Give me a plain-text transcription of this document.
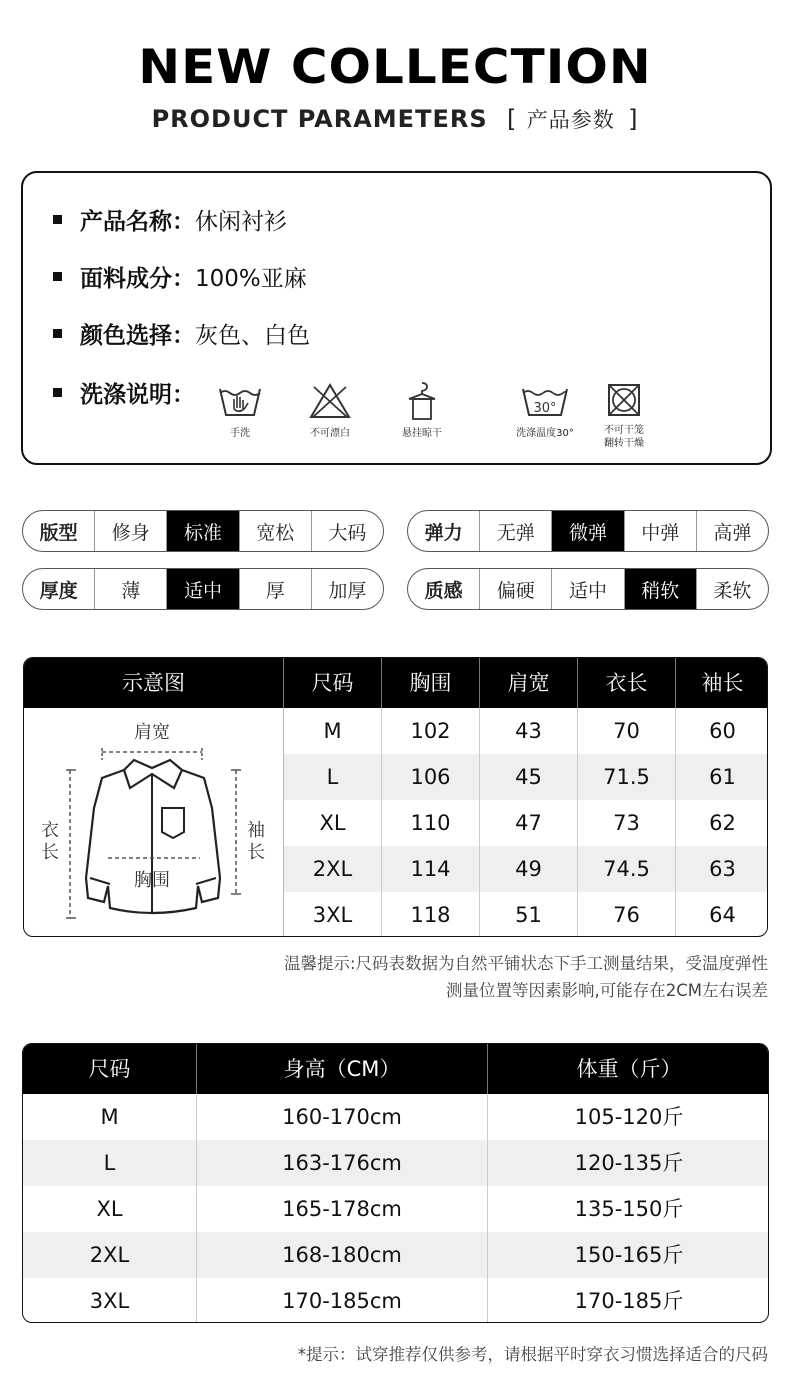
NEW COLLECTION
PRODUCT PARAMETERS [ 产品参数 ]
产品名称： 休闲衬衫
面料成分： 100%亚麻
颜色选择： 灰色、白色
洗涤说明：
手洗	不可漂白	悬挂晾干
30°
洗涤温度30°	不可干笼
翻转干燥
版型	修身	标准	宽松	大码	弹力	无弹	微弹	中弹	高弹
厚度	薄	适中	厚	加厚	质感	偏硬	适中	稍软	柔软
示意图	尺码	胸围	肩宽	衣长	袖长
肩宽
衣
长
袖
长
胸围
M	102	43	70	60
L	106	45	71.5	61
XL	110	47	73	62
2XL	114	49	74.5	63
3XL	118	51	76	64
温馨提示:尺码表数据为自然平铺状态下手工测量结果，受温度弹性
测量位置等因素影响,可能存在2CM左右误差
尺码	身高（CM）	体重（斤）
M	160-170cm	105-120斤
L	163-176cm	120-135斤
XL	165-178cm	135-150斤
2XL	168-180cm	150-165斤
3XL	170-185cm	170-185斤
*提示：试穿推荐仅供参考，请根据平时穿衣习惯选择适合的尺码
